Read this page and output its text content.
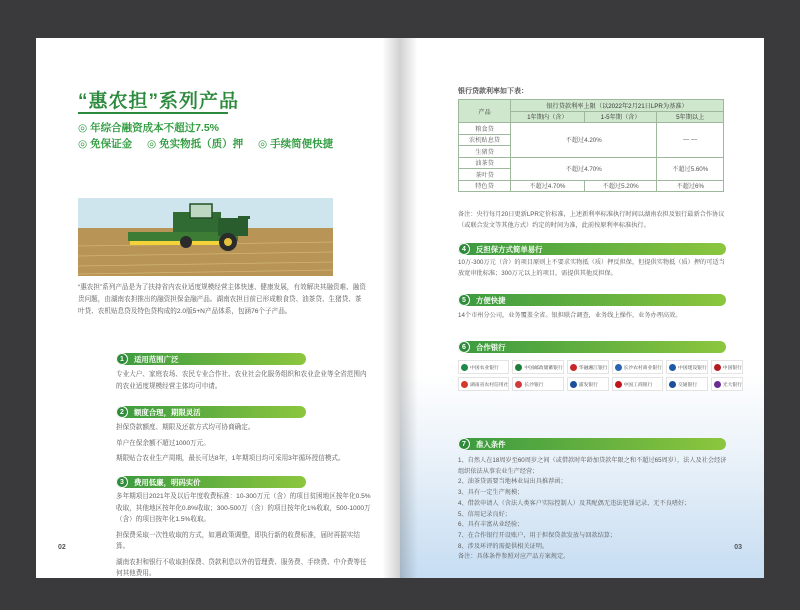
“惠农担”系列产品
◎ 年综合融资成本不超过7.5%
◎ 免保证金 ◎ 免实物抵（质）押 ◎ 手续简便快捷
“惠农担”系列产品是为了扶持省内农业适度规模经营主体快速、健康发展，有效解决其融资难、融资贵问题，由湖南农担推出的融资担保金融产品。湖南农担目前已形成粮食贷、油茶贷、生猪贷、茶叶贷、农机贴息贷及特色贷构成的2.0版5+N产品体系，包涵76个子产品。
1	适用范围广泛
专业大户、家庭农场、农民专业合作社、农业社会化服务组织和农业企业等全省范围内的农业适度规模经营主体均可申请。
2	额度合理，期限灵活
担保贷款额度、期限及还款方式均可协商确定。
单户在保余额不超过1000万元。
期限贴合农业生产周期，最长可达8年，1年期项目均可采用3年循环授信模式。
3	费用低廉，明码实价
多年期项目2021年及以后年度收费标准：10-300万元（含）的项目贫困地区按年化0.5%收取，其他地区按年化0.8%收取；300-500万（含）的项目按年化1%收取，500-1000万（含）的项目按年化1.5%收取。
担保费采取一次性收取的方式，如遇政策调整，即执行新的收费标准，届时再据实结算。
湖南农担和银行不收取担保费、贷款利息以外的管理费、服务费、手续费、中介费等任何其他费用。
02
银行贷款利率如下表：
产品	银行贷款利率上限（以2022年2月21日LPR为基准）		
	1年期内（含）	1-5年期（含）	5年期以上
粮食贷	不超过4.20%		— —
农机贴息贷			
生猪贷			
油茶贷	不超过4.70%		不超过5.60%
茶叶贷			
特色贷	不超过4.70%	不超过5.20%	不超过6%
备注：央行每月20日更新LPR定价标准，上述新利率标准执行时间以湖南农担及银行最新合作协议（或联合发文等其他方式）约定的时间为准，此前按原利率标准执行。
4	反担保方式简单易行
10万-300万元（含）的项目原则上不要求实物抵（质）押反担保，但提供实物抵（质）押的可适当放宽审批标准；300万元以上的项目，需提供其他反担保。
5	方便快捷
14个市州分公司，业务覆盖全省。银担联合调查，业务线上操作，业务办理高效。
6	合作银行
中国农业银行	中国邮政储蓄银行	华融湘江银行	长沙农村商业银行	中国建设银行	中国银行
湖南省农村信用社	长沙银行	浦发银行	中国工商银行	交通银行	光大银行
7	准入条件
1、自然人在18周岁至60周岁之间（或借款时年龄加贷款年限之和不超过65周岁），法人及社会经济组织依法从事农业生产经营；
2、油茶贷需要当地林业局出具推荐函；
3、具有一定生产规模；
4、借款申请人（含法人类客户实际控制人）及其配偶无违法犯罪记录、无不良嗜好；
5、信用记录良好；
6、具有丰富从业经验；
7、在合作银行开设账户，用于担保贷款发放与回款结算；
8、涉及环评的需提供相关证明。
备注：具体条件参照对应产品方案规定。
03
